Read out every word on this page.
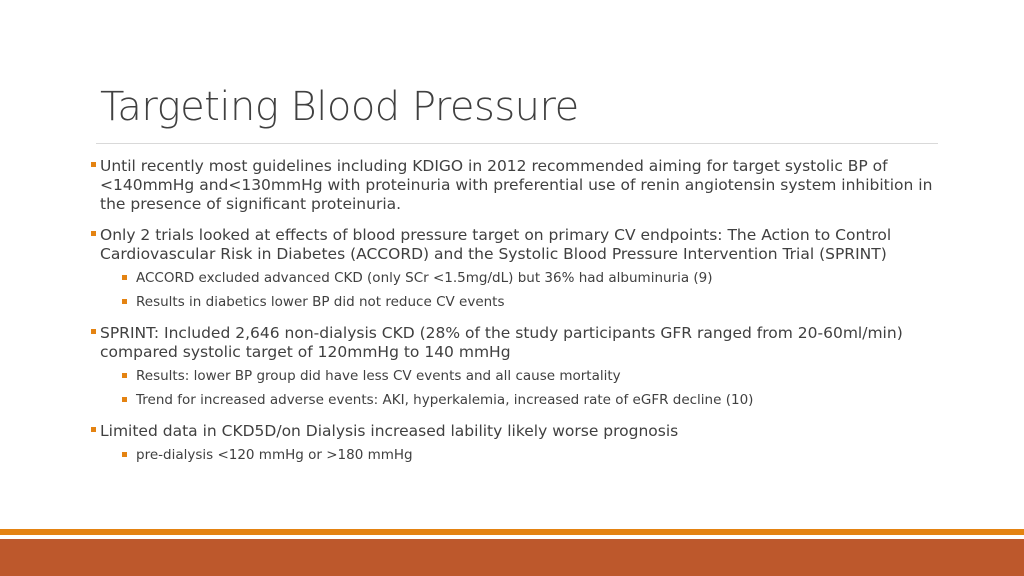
Targeting Blood Pressure
Until recently most guidelines including KDIGO in 2012 recommended aiming for target systolic BP of <140mmHg and<130mmHg with proteinuria with preferential use of renin angiotensin system inhibition in the presence of significant proteinuria.
Only 2 trials looked at effects of blood pressure target on primary CV endpoints: The Action to Control Cardiovascular Risk in Diabetes (ACCORD) and the Systolic Blood Pressure Intervention Trial (SPRINT)
ACCORD excluded advanced CKD (only SCr <1.5mg/dL) but 36% had albuminuria (9)
Results in diabetics lower BP did not reduce CV events
SPRINT: Included 2,646 non-dialysis CKD (28% of the study participants GFR ranged from 20-60ml/min) compared systolic target of 120mmHg to 140 mmHg
Results: lower BP group did have less CV events and all cause mortality
Trend for increased adverse events: AKI, hyperkalemia, increased rate of eGFR decline (10)
Limited data in CKD5D/on Dialysis increased lability likely worse prognosis
pre-dialysis <120 mmHg or >180 mmHg
